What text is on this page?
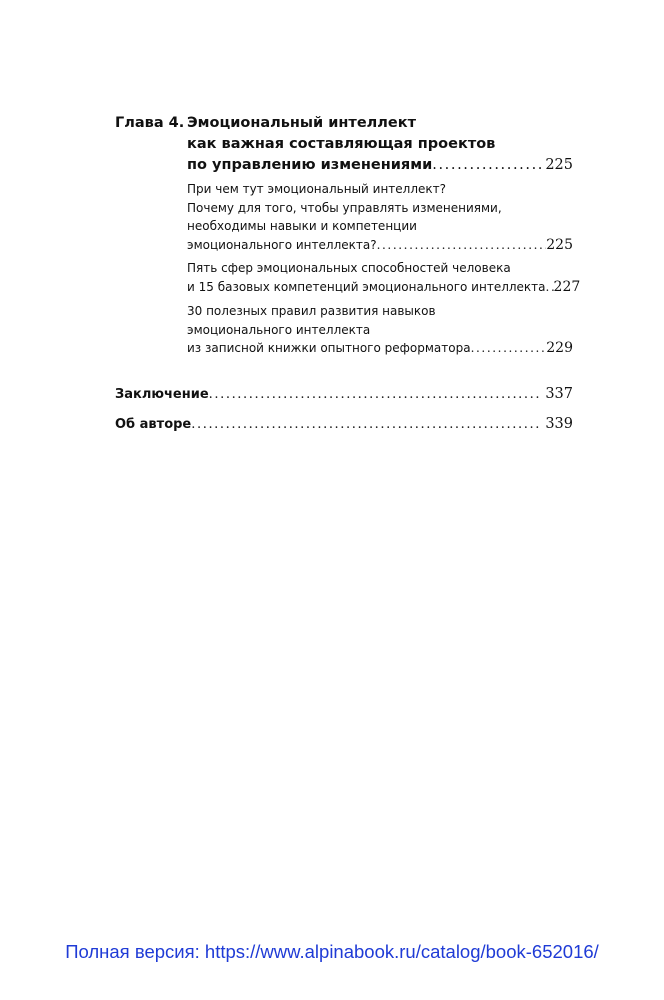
Глава 4. Эмоциональный интеллект
как важная составляющая проектов
по управлению изменениями .....	225
При чем тут эмоциональный интеллект?
Почему для того, чтобы управлять изменениями,
необходимы навыки и компетенции
эмоционального интеллекта? .....	225
Пять сфер эмоциональных способностей человека
и 15 базовых компетенций эмоционального интеллекта ..... 227
30 полезных правил развития навыков
эмоционального интеллекта
из записной книжки опытного реформатора .....	229
Заключение .....	337
Об авторе .....	339
Полная версия: https://www.alpinabook.ru/catalog/book-652016/
